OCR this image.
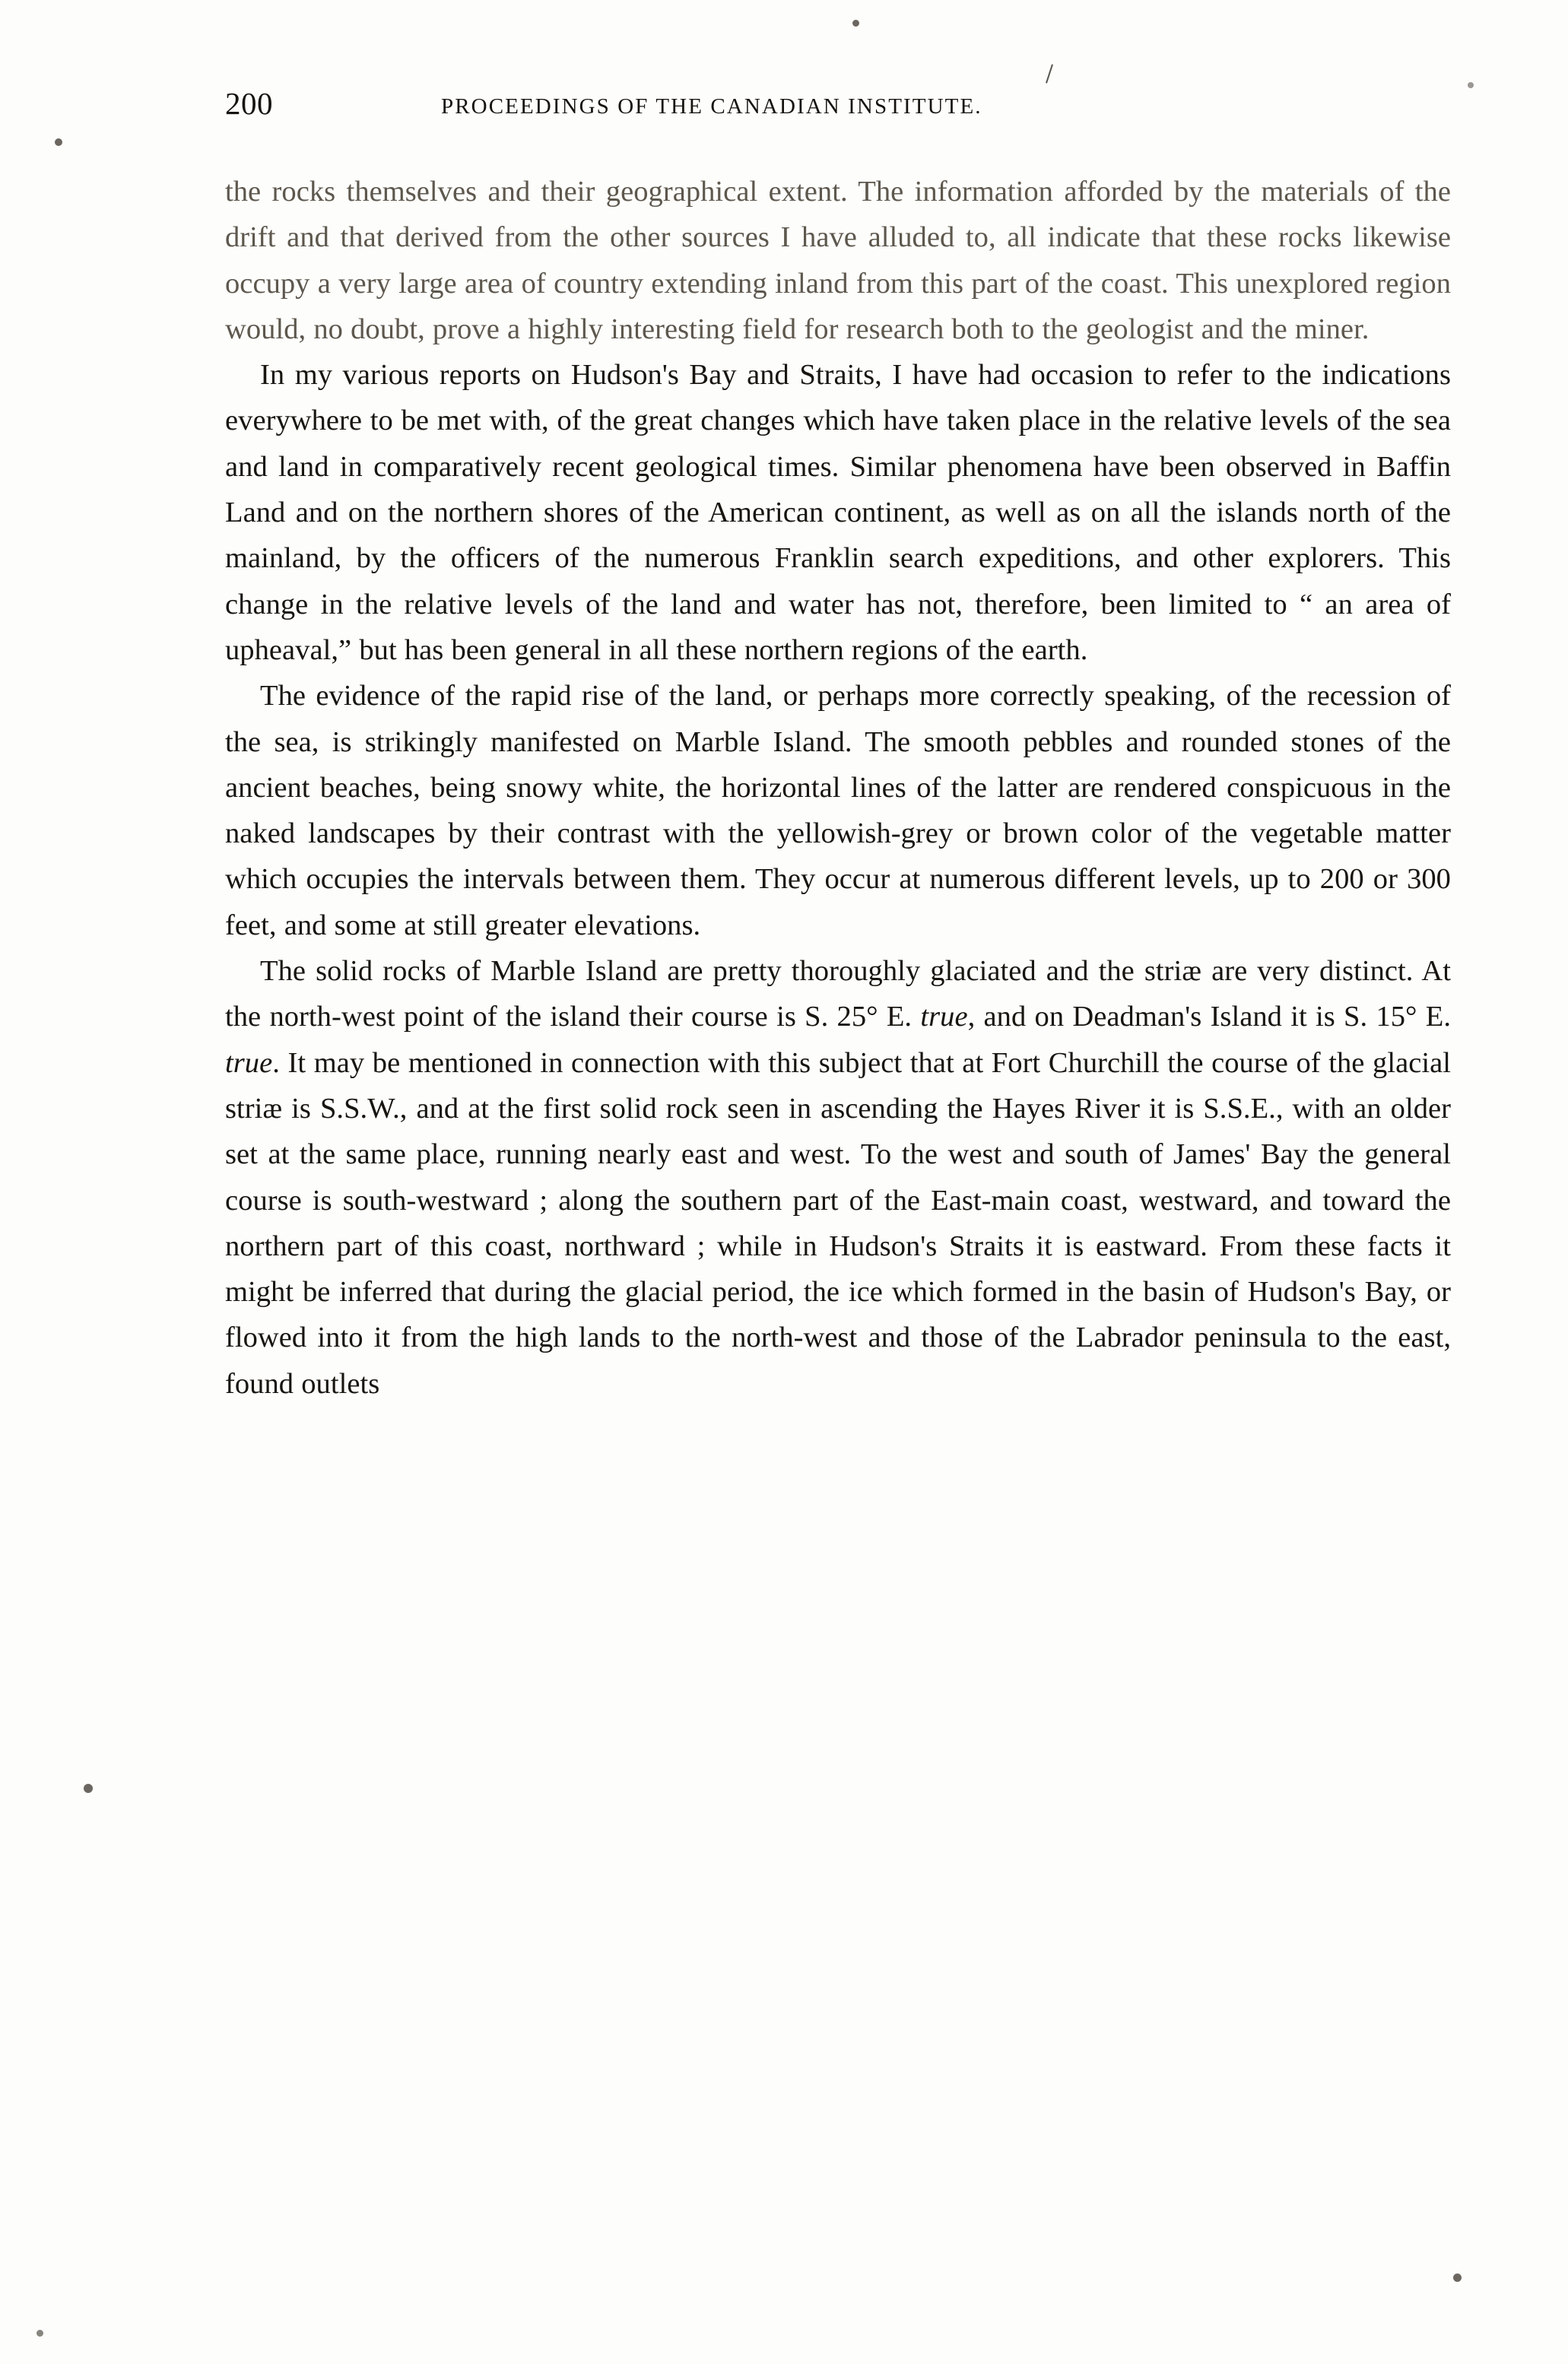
200	PROCEEDINGS OF THE CANADIAN INSTITUTE.

the rocks themselves and their geographical extent. The information afforded by the materials of the drift and that derived from the other sources I have alluded to, all indicate that these rocks likewise occupy a very large area of country extending inland from this part of the coast. This unexplored region would, no doubt, prove a highly interesting field for research both to the geologist and the miner.

In my various reports on Hudson's Bay and Straits, I have had occasion to refer to the indications everywhere to be met with, of the great changes which have taken place in the relative levels of the sea and land in comparatively recent geological times. Similar phenomena have been observed in Baffin Land and on the northern shores of the American continent, as well as on all the islands north of the mainland, by the officers of the numerous Franklin search expeditions, and other explorers. This change in the relative levels of the land and water has not, therefore, been limited to “ an area of upheaval,” but has been general in all these northern regions of the earth.

The evidence of the rapid rise of the land, or perhaps more correctly speaking, of the recession of the sea, is strikingly manifested on Marble Island. The smooth pebbles and rounded stones of the ancient beaches, being snowy white, the horizontal lines of the latter are rendered conspicuous in the naked landscapes by their contrast with the yellowish-grey or brown color of the vegetable matter which occupies the intervals between them. They occur at numerous different levels, up to 200 or 300 feet, and some at still greater elevations.

The solid rocks of Marble Island are pretty thoroughly glaciated and the striæ are very distinct. At the north-west point of the island their course is S. 25° E. true, and on Deadman's Island it is S. 15° E. true. It may be mentioned in connection with this subject that at Fort Churchill the course of the glacial striæ is S.S.W., and at the first solid rock seen in ascending the Hayes River it is S.S.E., with an older set at the same place, running nearly east and west. To the west and south of James' Bay the general course is south-westward ; along the southern part of the East-main coast, westward, and toward the northern part of this coast, northward ; while in Hudson's Straits it is eastward. From these facts it might be inferred that during the glacial period, the ice which formed in the basin of Hudson's Bay, or flowed into it from the high lands to the north-west and those of the Labrador peninsula to the east, found outlets
